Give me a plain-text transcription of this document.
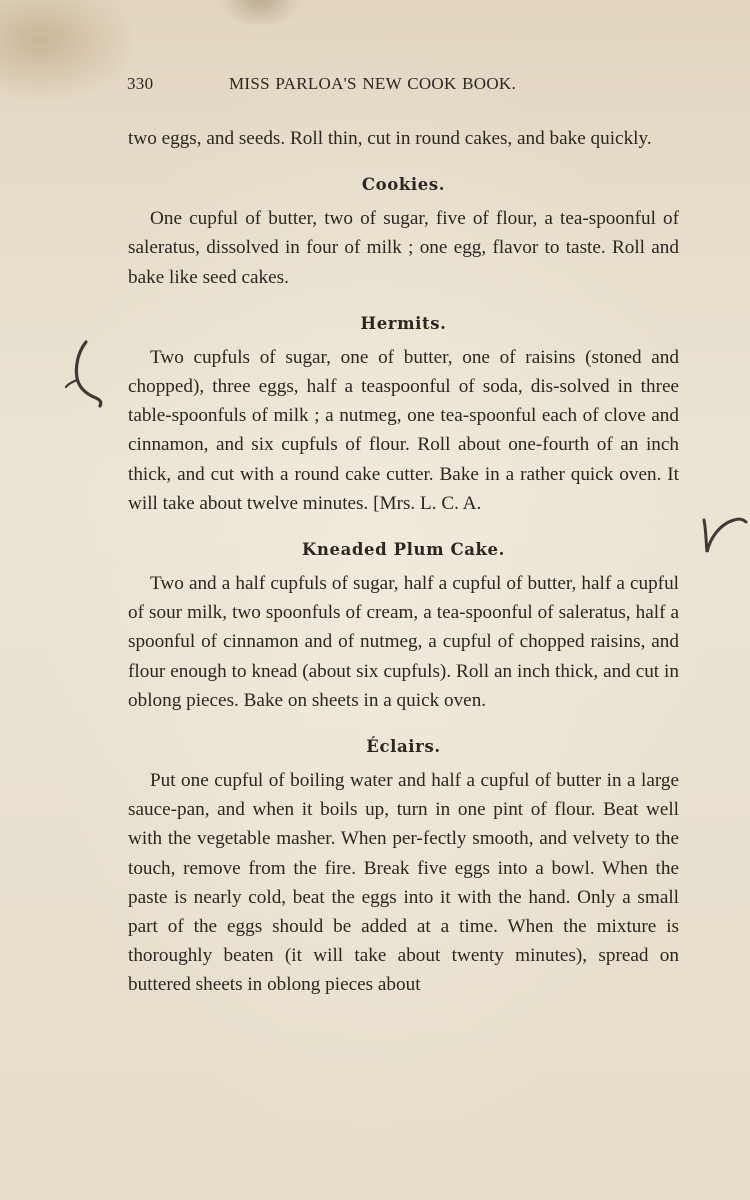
330	MISS PARLOA'S NEW COOK BOOK.

two eggs, and seeds. Roll thin, cut in round cakes, and bake quickly.

Cookies.

One cupful of butter, two of sugar, five of flour, a tea-spoonful of saleratus, dissolved in four of milk ; one egg, flavor to taste. Roll and bake like seed cakes.

Hermits.

Two cupfuls of sugar, one of butter, one of raisins (stoned and chopped), three eggs, half a teaspoonful of soda, dis-solved in three table-spoonfuls of milk ; a nutmeg, one tea-spoonful each of clove and cinnamon, and six cupfuls of flour. Roll about one-fourth of an inch thick, and cut with a round cake cutter. Bake in a rather quick oven. It will take about twelve minutes. [Mrs. L. C. A.

Kneaded Plum Cake.

Two and a half cupfuls of sugar, half a cupful of butter, half a cupful of sour milk, two spoonfuls of cream, a tea-spoonful of saleratus, half a spoonful of cinnamon and of nutmeg, a cupful of chopped raisins, and flour enough to knead (about six cupfuls). Roll an inch thick, and cut in oblong pieces. Bake on sheets in a quick oven.

Éclairs.

Put one cupful of boiling water and half a cupful of butter in a large sauce-pan, and when it boils up, turn in one pint of flour. Beat well with the vegetable masher. When per-fectly smooth, and velvety to the touch, remove from the fire. Break five eggs into a bowl. When the paste is nearly cold, beat the eggs into it with the hand. Only a small part of the eggs should be added at a time. When the mixture is thoroughly beaten (it will take about twenty minutes), spread on buttered sheets in oblong pieces about
